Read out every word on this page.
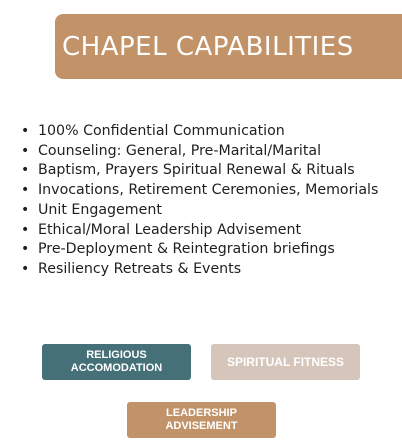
CHAPEL CAPABILITIES
• 100% Confidential Communication
• Counseling: General, Pre-Marital/Marital
• Baptism, Prayers Spiritual Renewal & Rituals
• Invocations, Retirement Ceremonies, Memorials
• Unit Engagement
• Ethical/Moral Leadership Advisement
• Pre-Deployment & Reintegration briefings
• Resiliency Retreats & Events
RELIGIOUS
ACCOMODATION	SPIRITUAL FITNESS
LEADERSHIP
ADVISEMENT
